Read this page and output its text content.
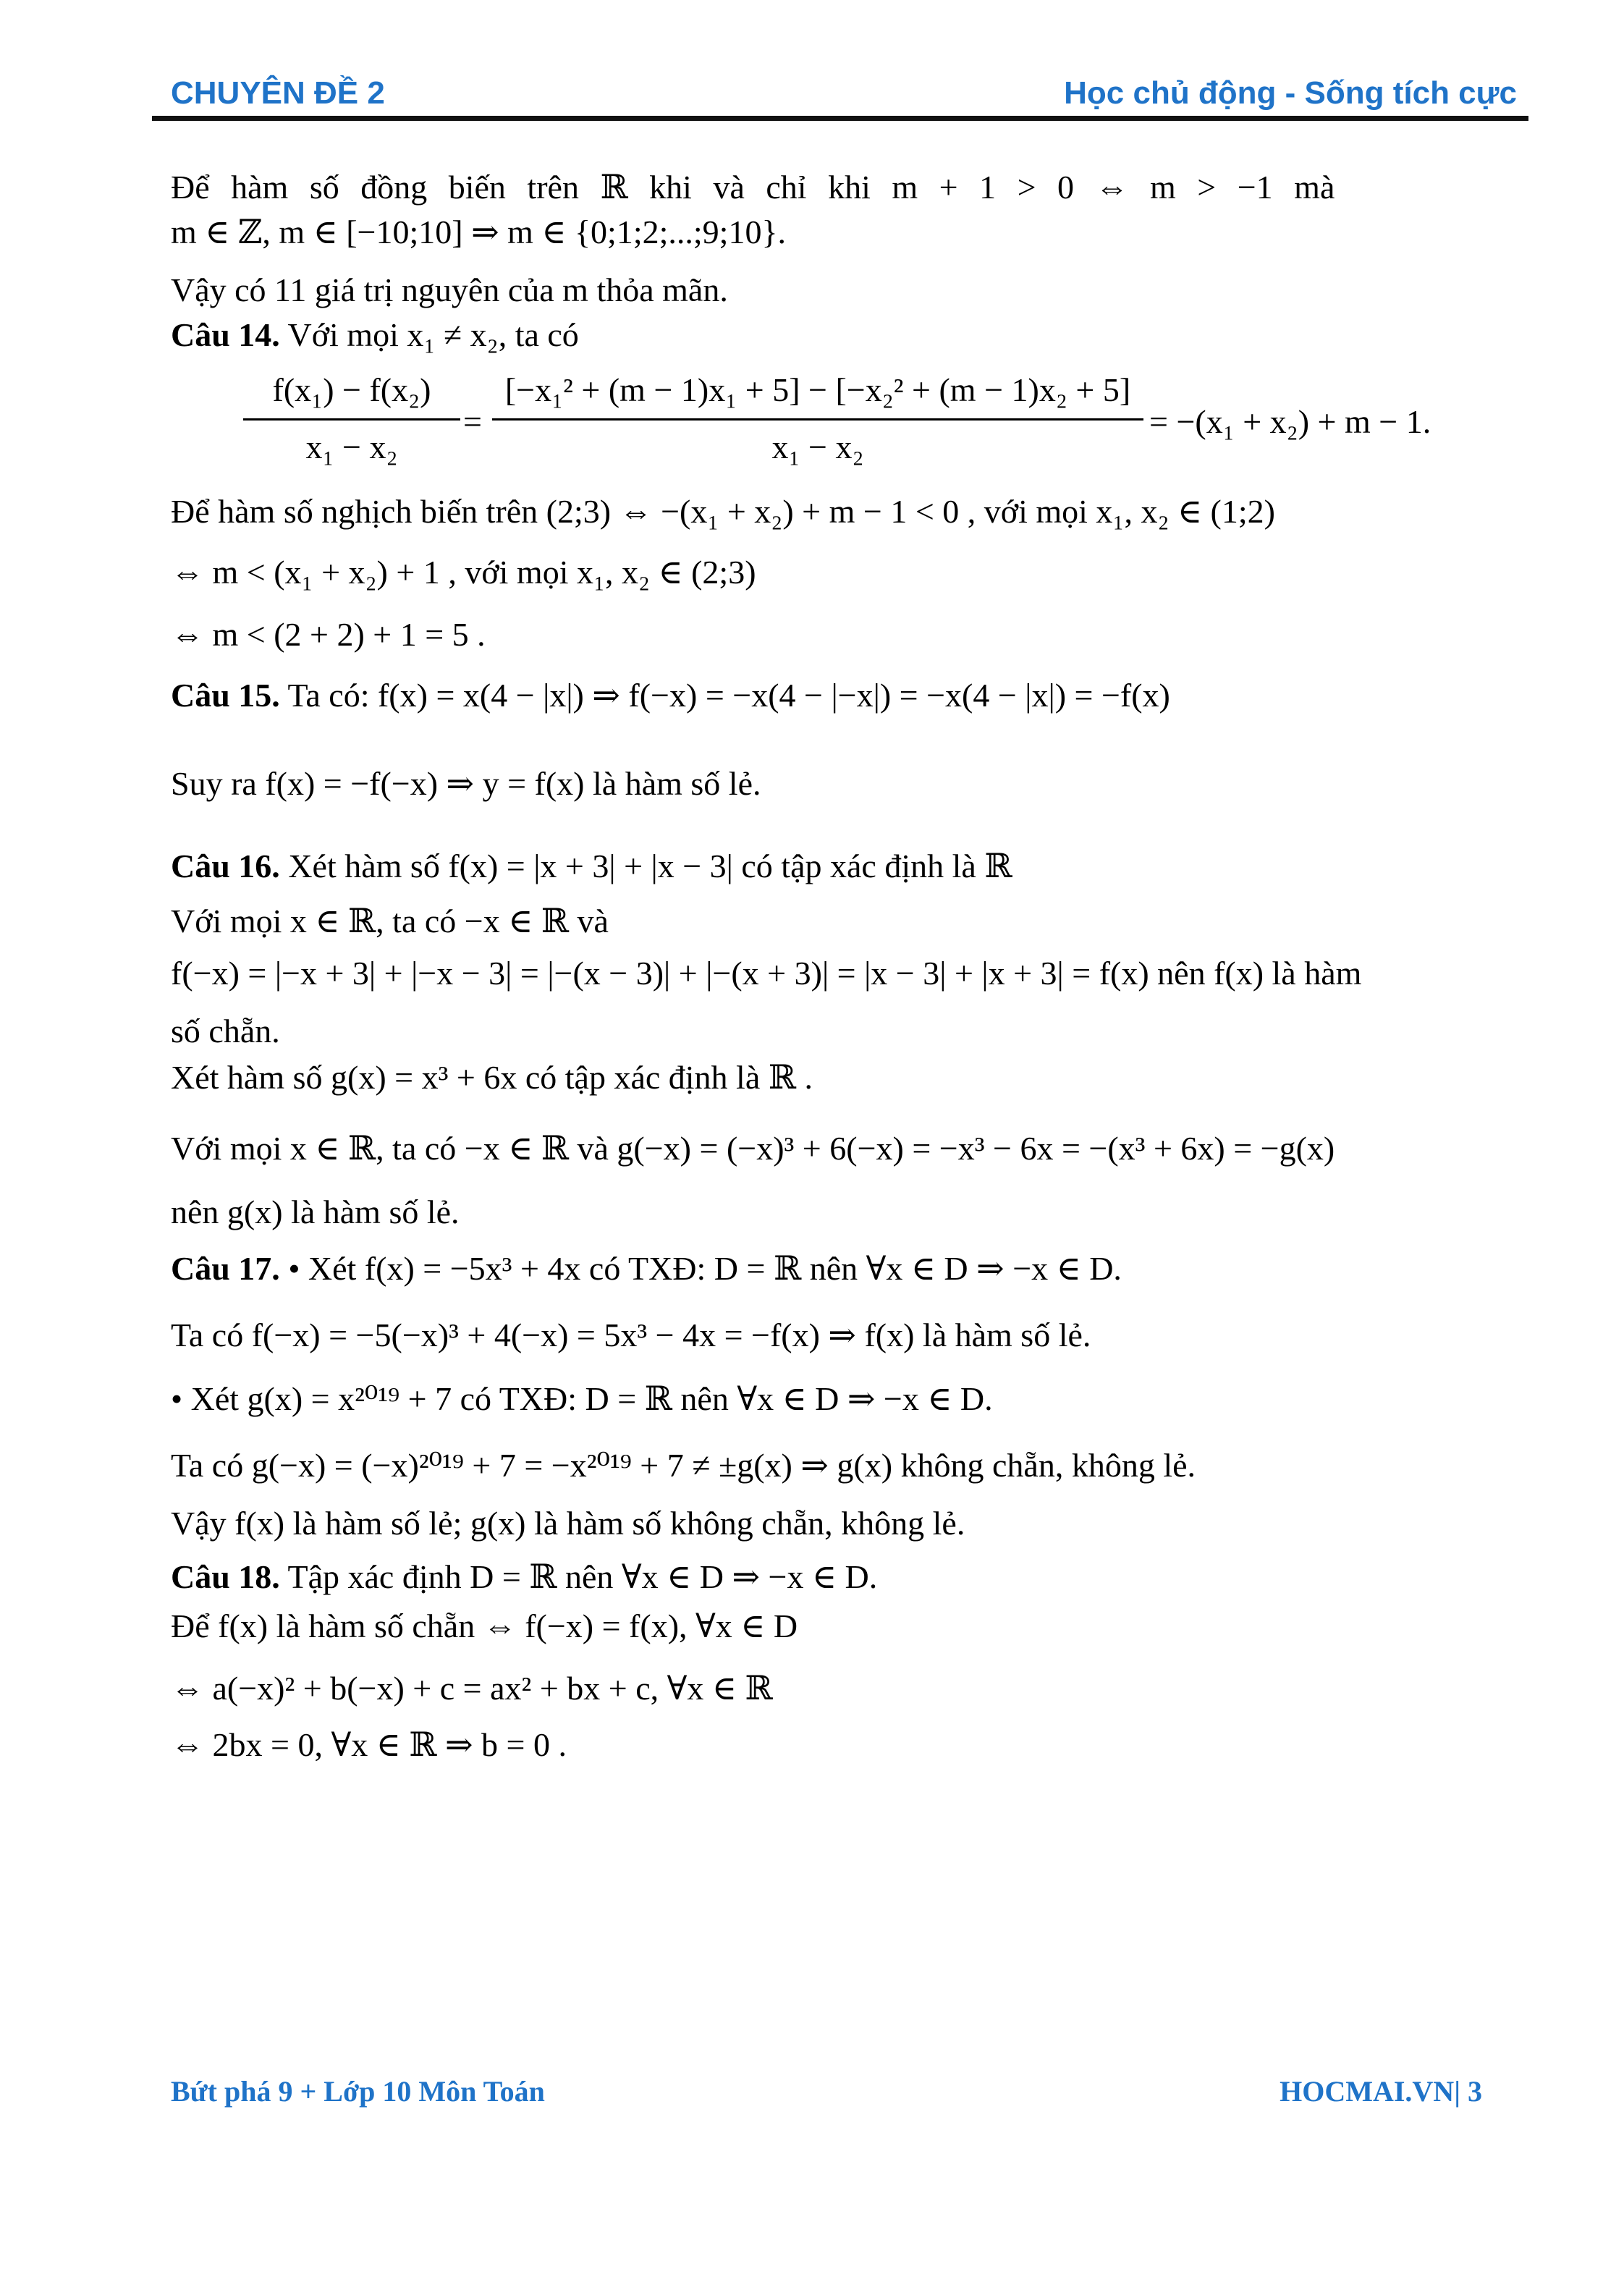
CHUYÊN ĐỀ 2	Học chủ động - Sống tích cực
Để hàm số đồng biến trên ℝ khi và chỉ khi m + 1 > 0 ⇔ m > −1 mà
m ∈ ℤ, m ∈ [−10;10] ⇒ m ∈ {0;1;2;...;9;10}.
Vậy có 11 giá trị nguyên của m thỏa mãn.
Câu 14. Với mọi x₁ ≠ x₂, ta có
$\frac{\text{f(x₁) − f(x₂)}}{\text{x₁ − x₂}} = \frac{\text{[−x₁² + (m − 1)x₁ + 5] − [−x₂² + (m − 1)x₂ + 5]}}{\text{x₁ − x₂}} = -(x_1 + x_2) + m - 1$.
Để hàm số nghịch biến trên (2;3) ⇔ −(x₁ + x₂) + m − 1 < 0 , với mọi x₁, x₂ ∈ (1;2)
⇔ m < (x₁ + x₂) + 1 , với mọi x₁, x₂ ∈ (2;3)
⇔ m < (2 + 2) + 1 = 5 .
Câu 15. Ta có: f(x) = x(4 − |x|) ⇒ f(−x) = −x(4 − |−x|) = −x(4 − |x|) = −f(x)
Suy ra f(x) = −f(−x) ⇒ y = f(x) là hàm số lẻ.
Câu 16. Xét hàm số f(x) = |x + 3| + |x − 3| có tập xác định là ℝ
Với mọi x ∈ ℝ, ta có −x ∈ ℝ và
f(−x) = |−x + 3| + |−x − 3| = |−(x − 3)| + |−(x + 3)| = |x − 3| + |x + 3| = f(x) nên f(x) là hàm
số chẵn.
Xét hàm số g(x) = x³ + 6x có tập xác định là ℝ .
Với mọi x ∈ ℝ, ta có −x ∈ ℝ và g(−x) = (−x)³ + 6(−x) = −x³ − 6x = −(x³ + 6x) = −g(x)
nên g(x) là hàm số lẻ.
Câu 17. • Xét f(x) = −5x³ + 4x có TXĐ: D = ℝ nên ∀x ∈ D ⇒ −x ∈ D.
Ta có f(−x) = −5(−x)³ + 4(−x) = 5x³ − 4x = −f(x) ⇒ f(x) là hàm số lẻ.
• Xét g(x) = x²⁰¹⁹ + 7 có TXĐ: D = ℝ nên ∀x ∈ D ⇒ −x ∈ D.
Ta có g(−x) = (−x)²⁰¹⁹ + 7 = −x²⁰¹⁹ + 7 ≠ ±g(x) ⇒ g(x) không chẵn, không lẻ.
Vậy f(x) là hàm số lẻ; g(x) là hàm số không chẵn, không lẻ.
Câu 18. Tập xác định D = ℝ nên ∀x ∈ D ⇒ −x ∈ D.
Để f(x) là hàm số chẵn ⇔ f(−x) = f(x), ∀x ∈ D
⇔ a(−x)² + b(−x) + c = ax² + bx + c, ∀x ∈ ℝ
⇔ 2bx = 0, ∀x ∈ ℝ ⇒ b = 0 .
Bứt phá 9 + Lớp 10 Môn Toán	HOCMAI.VN| 3
